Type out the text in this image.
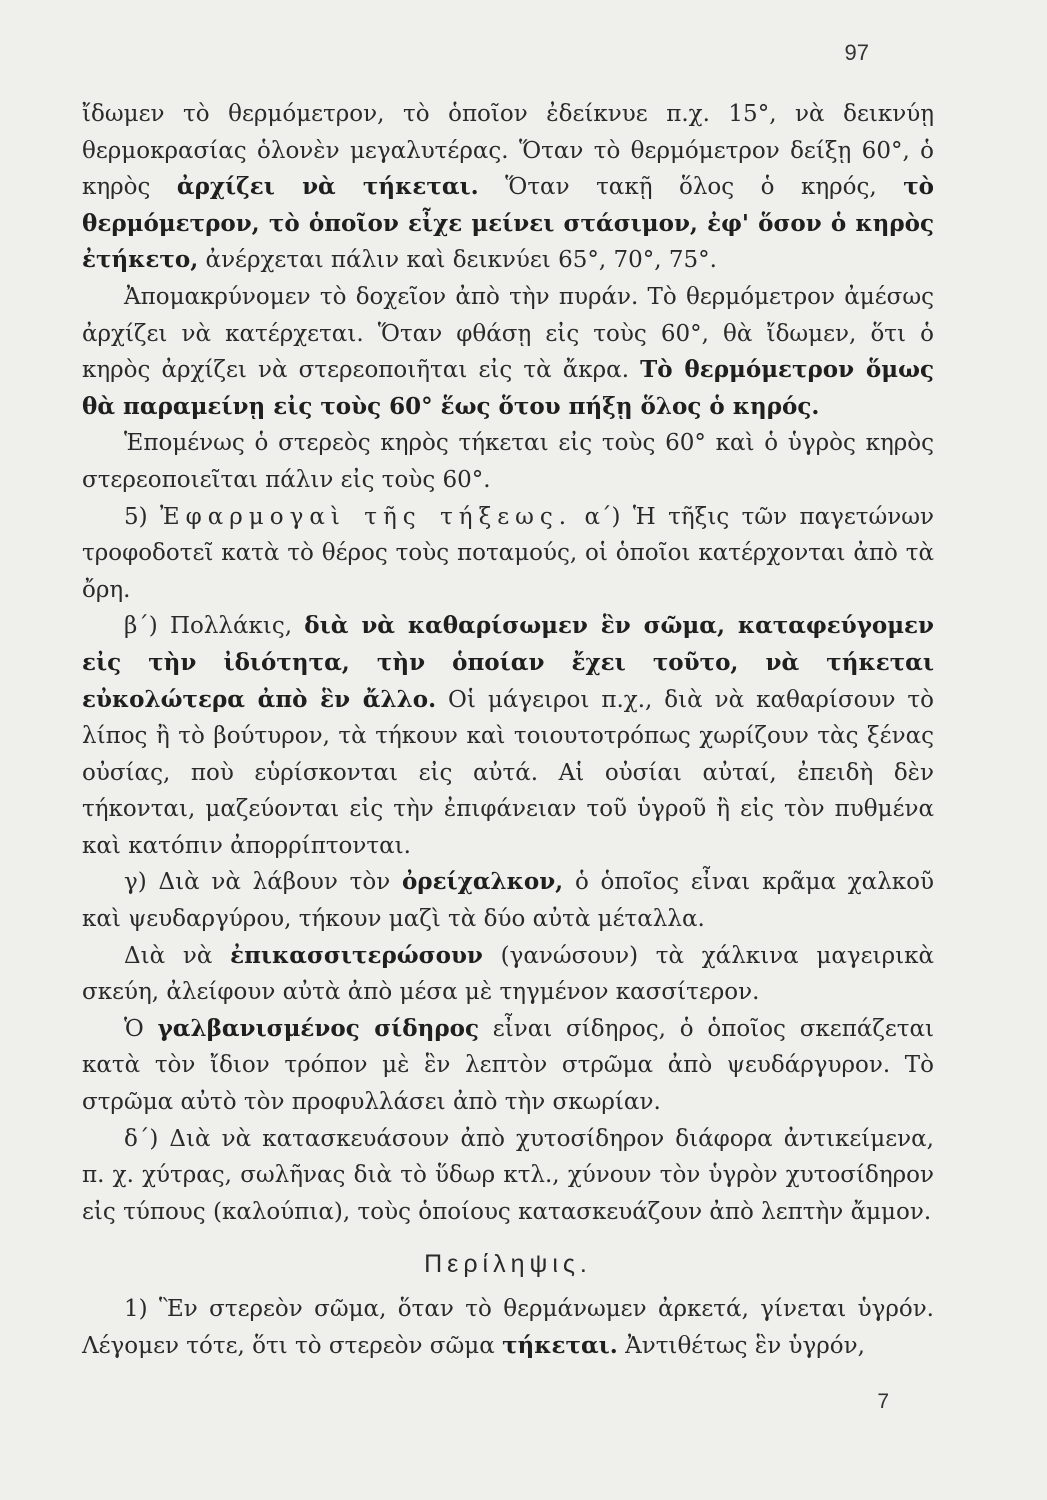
97

ἴδωμεν τὸ θερμόμετρον, τὸ ὁποῖον ἐδείκνυε π.χ. 15°, νὰ δεικνύῃ θερμοκρασίας ὁλονὲν μεγαλυτέρας. Ὅταν τὸ θερμόμετρον δείξῃ 60°, ὁ κηρὸς ἀρχίζει νὰ τήκεται. Ὅταν τακῇ ὅλος ὁ κηρός, τὸ θερμόμετρον, τὸ ὁποῖον εἶχε μείνει στάσιμον, ἐφ' ὅσον ὁ κηρὸς ἐτήκετο, ἀνέρχεται πάλιν καὶ δεικνύει 65°, 70°, 75°.

Ἀπομακρύνομεν τὸ δοχεῖον ἀπὸ τὴν πυράν. Τὸ θερμόμετρον ἀμέσως ἀρχίζει νὰ κατέρχεται. Ὅταν φθάσῃ εἰς τοὺς 60°, θὰ ἴδωμεν, ὅτι ὁ κηρὸς ἀρχίζει νὰ στερεοποιῆται εἰς τὰ ἄκρα. Τὸ θερμόμετρον ὅμως θὰ παραμείνῃ εἰς τοὺς 60° ἕως ὅτου πήξῃ ὅλος ὁ κηρός.

Ἑπομένως ὁ στερεὸς κηρὸς τήκεται εἰς τοὺς 60° καὶ ὁ ὑγρὸς κηρὸς στερεοποιεῖται πάλιν εἰς τοὺς 60°.

5) Ἐφαρμογαὶ τῆς τήξεως. α΄) Ἡ τῆξις τῶν παγετώνων τροφοδοτεῖ κατὰ τὸ θέρος τοὺς ποταμούς, οἱ ὁποῖοι κατέρχονται ἀπὸ τὰ ὄρη.

β΄) Πολλάκις, διὰ νὰ καθαρίσωμεν ἓν σῶμα, καταφεύγομεν εἰς τὴν ἰδιότητα, τὴν ὁποίαν ἔχει τοῦτο, νὰ τήκεται εὐκολώτερα ἀπὸ ἓν ἄλλο. Οἱ μάγειροι π.χ., διὰ νὰ καθαρίσουν τὸ λίπος ἢ τὸ βούτυρον, τὰ τήκουν καὶ τοιουτοτρόπως χωρίζουν τὰς ξένας οὐσίας, ποὺ εὑρίσκονται εἰς αὐτά. Αἱ οὐσίαι αὐταί, ἐπειδὴ δὲν τήκονται, μαζεύονται εἰς τὴν ἐπιφάνειαν τοῦ ὑγροῦ ἢ εἰς τὸν πυθμένα καὶ κατόπιν ἀπορρίπτονται.

γ) Διὰ νὰ λάβουν τὸν ὀρείχαλκον, ὁ ὁποῖος εἶναι κρᾶμα χαλκοῦ καὶ ψευδαργύρου, τήκουν μαζὶ τὰ δύο αὐτὰ μέταλλα.

Διὰ νὰ ἐπικασσιτερώσουν (γανώσουν) τὰ χάλκινα μαγειρικὰ σκεύη, ἀλείφουν αὐτὰ ἀπὸ μέσα μὲ τηγμένον κασσίτερον.

Ὁ γαλβανισμένος σίδηρος εἶναι σίδηρος, ὁ ὁποῖος σκεπάζεται κατὰ τὸν ἴδιον τρόπον μὲ ἓν λεπτὸν στρῶμα ἀπὸ ψευδάργυρον. Τὸ στρῶμα αὐτὸ τὸν προφυλλάσει ἀπὸ τὴν σκωρίαν.

δ΄) Διὰ νὰ κατασκευάσουν ἀπὸ χυτοσίδηρον διάφορα ἀντικείμενα, π. χ. χύτρας, σωλῆνας διὰ τὸ ὕδωρ κτλ., χύνουν τὸν ὑγρὸν χυτοσίδηρον εἰς τύπους (καλούπια), τοὺς ὁποίους κατασκευάζουν ἀπὸ λεπτὴν ἄμμον.

Περίληψις.

1) Ἓν στερεὸν σῶμα, ὅταν τὸ θερμάνωμεν ἀρκετά, γίνεται ὑγρόν. Λέγομεν τότε, ὅτι τὸ στερεὸν σῶμα τήκεται. Ἀντιθέτως ἓν ὑγρόν,

7
